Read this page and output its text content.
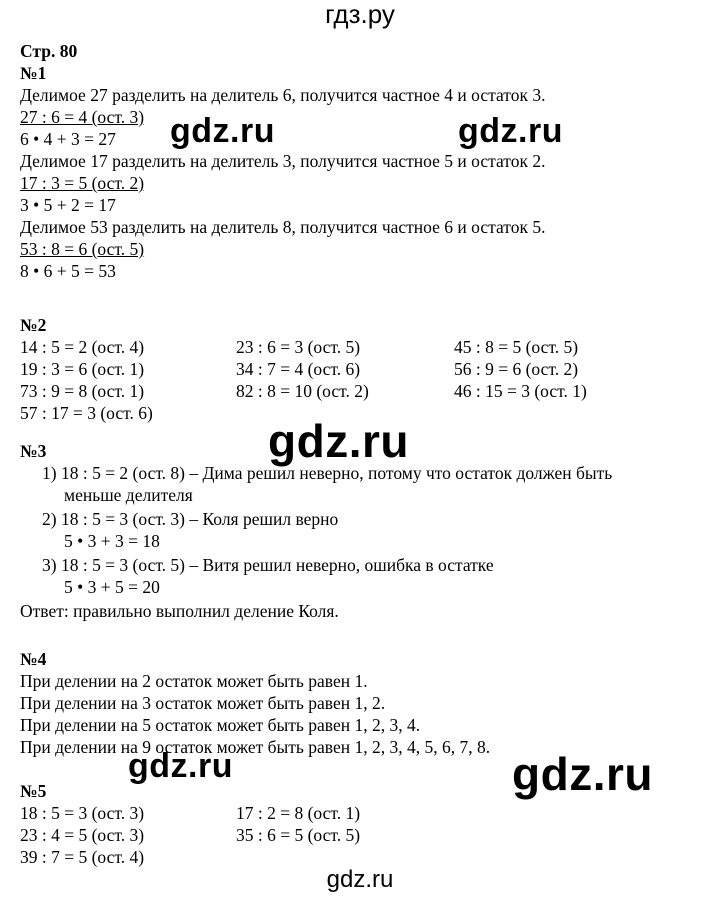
гдз.ру
gdz.ru	gdz.ru
gdz.ru
gdz.ru	gdz.ru
Стр. 80
№1
Делимое 27 разделить на делитель 6, получится частное 4 и остаток 3.
27 : 6 = 4 (ост. 3)
6 • 4 + 3 = 27
Делимое 17 разделить на делитель 3, получится частное 5 и остаток 2.
17 : 3 = 5 (ост. 2)
3 • 5 + 2 = 17
Делимое 53 разделить на делитель 8, получится частное 6 и остаток 5.
53 : 8 = 6 (ост. 5)
8 • 6 + 5 = 53
№2
14 : 5 = 2 (ост. 4)
19 : 3 = 6 (ост. 1)
73 : 9 = 8 (ост. 1)
57 : 17 = 3 (ост. 6)
23 : 6 = 3 (ост. 5)
34 : 7 = 4 (ост. 6)
82 : 8 = 10 (ост. 2)
45 : 8 = 5 (ост. 5)
56 : 9 = 6 (ост. 2)
46 : 15 = 3 (ост. 1)
№3
1) 18 : 5 = 2 (ост. 8) – Дима решил неверно, потому что остаток должен быть
меньше делителя
2) 18 : 5 = 3 (ост. 3) – Коля решил верно
5 • 3 + 3 = 18
3) 18 : 5 = 3 (ост. 5) – Витя решил неверно, ошибка в остатке
5 • 3 + 5 = 20
Ответ: правильно выполнил деление Коля.
№4
При делении на 2 остаток может быть равен 1.
При делении на 3 остаток может быть равен 1, 2.
При делении на 5 остаток может быть равен 1, 2, 3, 4.
При делении на 9 остаток может быть равен 1, 2, 3, 4, 5, 6, 7, 8.
№5
18 : 5 = 3 (ост. 3)
23 : 4 = 5 (ост. 3)
39 : 7 = 5 (ост. 4)
17 : 2 = 8 (ост. 1)
35 : 6 = 5 (ост. 5)
gdz.ru
